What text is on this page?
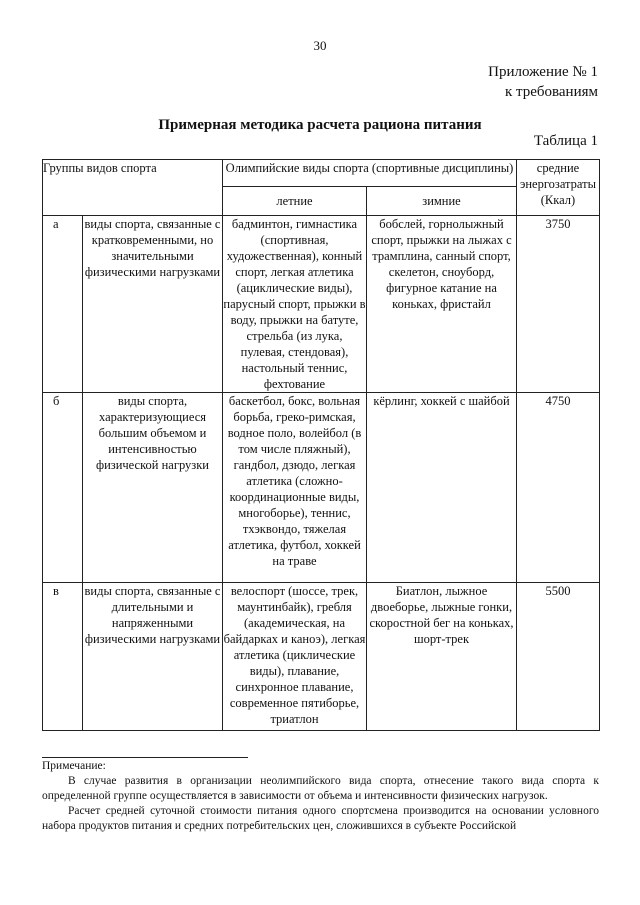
30
Приложение № 1
к требованиям
Примерная методика расчета рациона питания
Таблица 1
Группы видов спорта		Олимпийские виды спорта (спортивные дисциплины)		средние энергозатраты (Ккал)
		летние	зимние	
а	виды спорта, связанные с кратковременными, но значительными физическими нагрузками	бадминтон, гимнастика (спортивная, художественная), конный спорт, легкая атлетика (ациклические виды), парусный спорт, прыжки в воду, прыжки на батуте, стрельба (из лука, пулевая, стендовая), настольный теннис, фехтование	бобслей, горнолыжный спорт, прыжки на лыжах с трамплина, санный спорт, скелетон, сноуборд, фигурное катание на коньках, фристайл	3750
б	виды спорта, характеризующиеся большим объемом и интенсивностью физической нагрузки	баскетбол, бокс, вольная борьба, греко-римская, водное поло, волейбол (в том числе пляжный), гандбол, дзюдо, легкая атлетика (сложно-координационные виды, многоборье), теннис, тхэквондо, тяжелая атлетика, футбол, хоккей на траве	кёрлинг, хоккей с шайбой	4750
в	виды спорта, связанные с длительными и напряженными физическими нагрузками	велоспорт (шоссе, трек, маунтинбайк), гребля (академическая, на байдарках и каноэ), легкая атлетика (циклические виды), плавание, синхронное плавание, современное пятиборье, триатлон	Биатлон, лыжное двоеборье, лыжные гонки, скоростной бег на коньках, шорт-трек	5500
Примечание:
В случае развития в организации неолимпийского вида спорта, отнесение такого вида спорта к определенной группе осуществляется в зависимости от объема и интенсивности физических нагрузок.
Расчет средней суточной стоимости питания одного спортсмена производится на основании условного набора продуктов питания и средних потребительских цен, сложившихся в субъекте Российской
